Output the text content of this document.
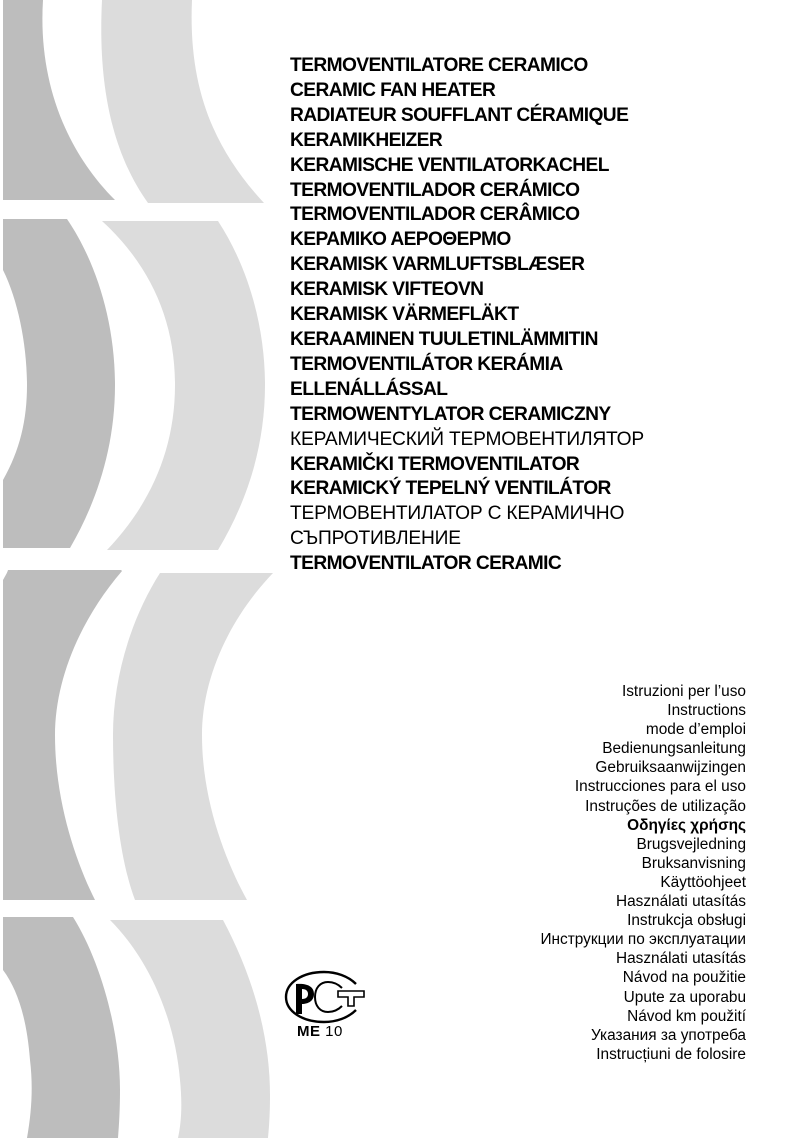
TERMOVENTILATORE CERAMICO
CERAMIC FAN HEATER
RADIATEUR SOUFFLANT CÉRAMIQUE
KERAMIKHEIZER
KERAMISCHE VENTILATORKACHEL
TERMOVENTILADOR CERÁMICO
TERMOVENTILADOR CERÂMICO
ΚΕΡΑΜΙΚΟ ΑΕΡΟΘΕΡΜΟ
KERAMISK VARMLUFTSBLÆSER
KERAMISK VIFTEOVN
KERAMISK VÄRMEFLÄKT
KERAAMINEN TUULETINLÄMMITIN
TERMOVENTILÁTOR KERÁMIA
ELLENÁLLÁSSAL
TERMOWENTYLATOR CERAMICZNY
КЕРАМИЧЕСКИЙ ТЕРМОВЕНТИЛЯТОР
KERAMIČKI TERMOVENTILATOR
KERAMICKÝ TEPELNÝ VENTILÁTOR
ТЕРМОВЕНТИЛАТОР С КЕРАМИЧНО
СЪПРОТИВЛЕНИЕ
TERMOVENTILATOR CERAMIC
Istruzioni per l’uso
Instructions
mode d’emploi
Bedienungsanleitung
Gebruiksaanwijzingen
Instrucciones para el uso
Instruções de utilização
Οδηγίες χρήσης
Brugsvejledning
Bruksanvisning
Käyttöohjeet
Használati utasítás
Instrukcja obsługi
Инструкции по эксплуатации
Használati utasítás
Návod na použitie
Upute za uporabu
Návod km použití
Указания за употреба
Instrucțiuni de folosire
ME 10
